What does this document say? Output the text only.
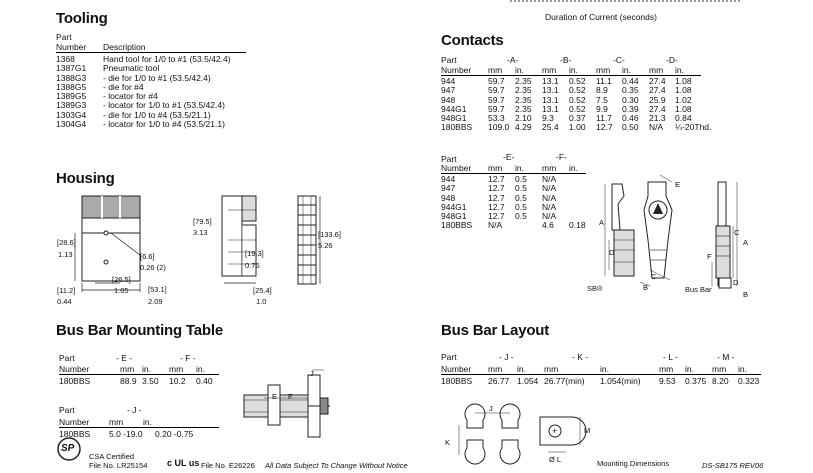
Duration of Current (seconds)
Tooling
Part
Number	Description
1368	Hand tool for 1/0 to #1 (53.5/42.4)
1387G1 Pneumatic tool
1388G3 - die for 1/0 to #1 (53.5/42.4)
1388G5 - die for #4
1389G5 - locator for #4
1389G3 - locator for 1/0 to #1 (53.5/42.4)
1303G4 - die for 1/0 to #4 (53.5/21.1)
1304G4 - locator for 1/0 to #4 (53.5/21.1)
Housing
[28.6]
1.13	[6.6]
0.26 (2)
[26.5]
1.05
[11.2]
0.44
[53.1]
2.09
[79.5]
3.13
[19.3]
0.76
[25.4]
1.0
[133.6]
5.26
Contacts
Part	-A-	-B-	-C-	-D-
Number mm in. mm in. mm in. mm in.
944	59.7 2.35 13.1 0.52 11.1 0.44 27.4 1.08
947	59.7 2.35 13.1 0.52 8.9 0.35 27.4 1.08
948	59.7 2.35 13.1 0.52 7.5 0.30 25.9 1.02
944G1	59.7 2.35 13.1 0.52 9.9 0.39 27.4 1.08
948G1	53.3 2.10 9.3 0.37 11.7 0.46 21.3 0.84
180BBS 109.0 4.29 25.4 1.00 12.7 0.50 N/A ¼-20Thd.
-E-	-F-
Part
Number mm in. mm in.
944	12.7 0.5 N/A
947	12.7 0.5 N/A
948	12.7 0.5 N/A
944G1	12.7 0.5 N/A
948G1	12.7 0.5 N/A
180BBS N/A	4.6 0.18 A
D
E
C
B
SB®	Bus Bar
C
A
F
D
B
Bus Bar Mounting Table
Part	- E -	- F -
Number	mm in. mm in.
180BBS	88.9 3.50 10.2 0.40
Part	- J -
Number mm in.
180BBS 5.0 -19.0 0.20 -0.75
J
E F
Bus Bar Layout
Part	- J -	- K -	- L -	- M -
Number mm in. mm	in.	mm in. mm in.
180BBS 26.77 1.054 26.77(min) 1.054(min) 9.53 0.375 8.20 0.323
J
K
+	M
Ø L	Mounting Dimensions
SP
CSA Certified
File No. LR25154 c UL us File No. E26226 All Data Subject To Change Without Notice	DS-SB175 REV06
